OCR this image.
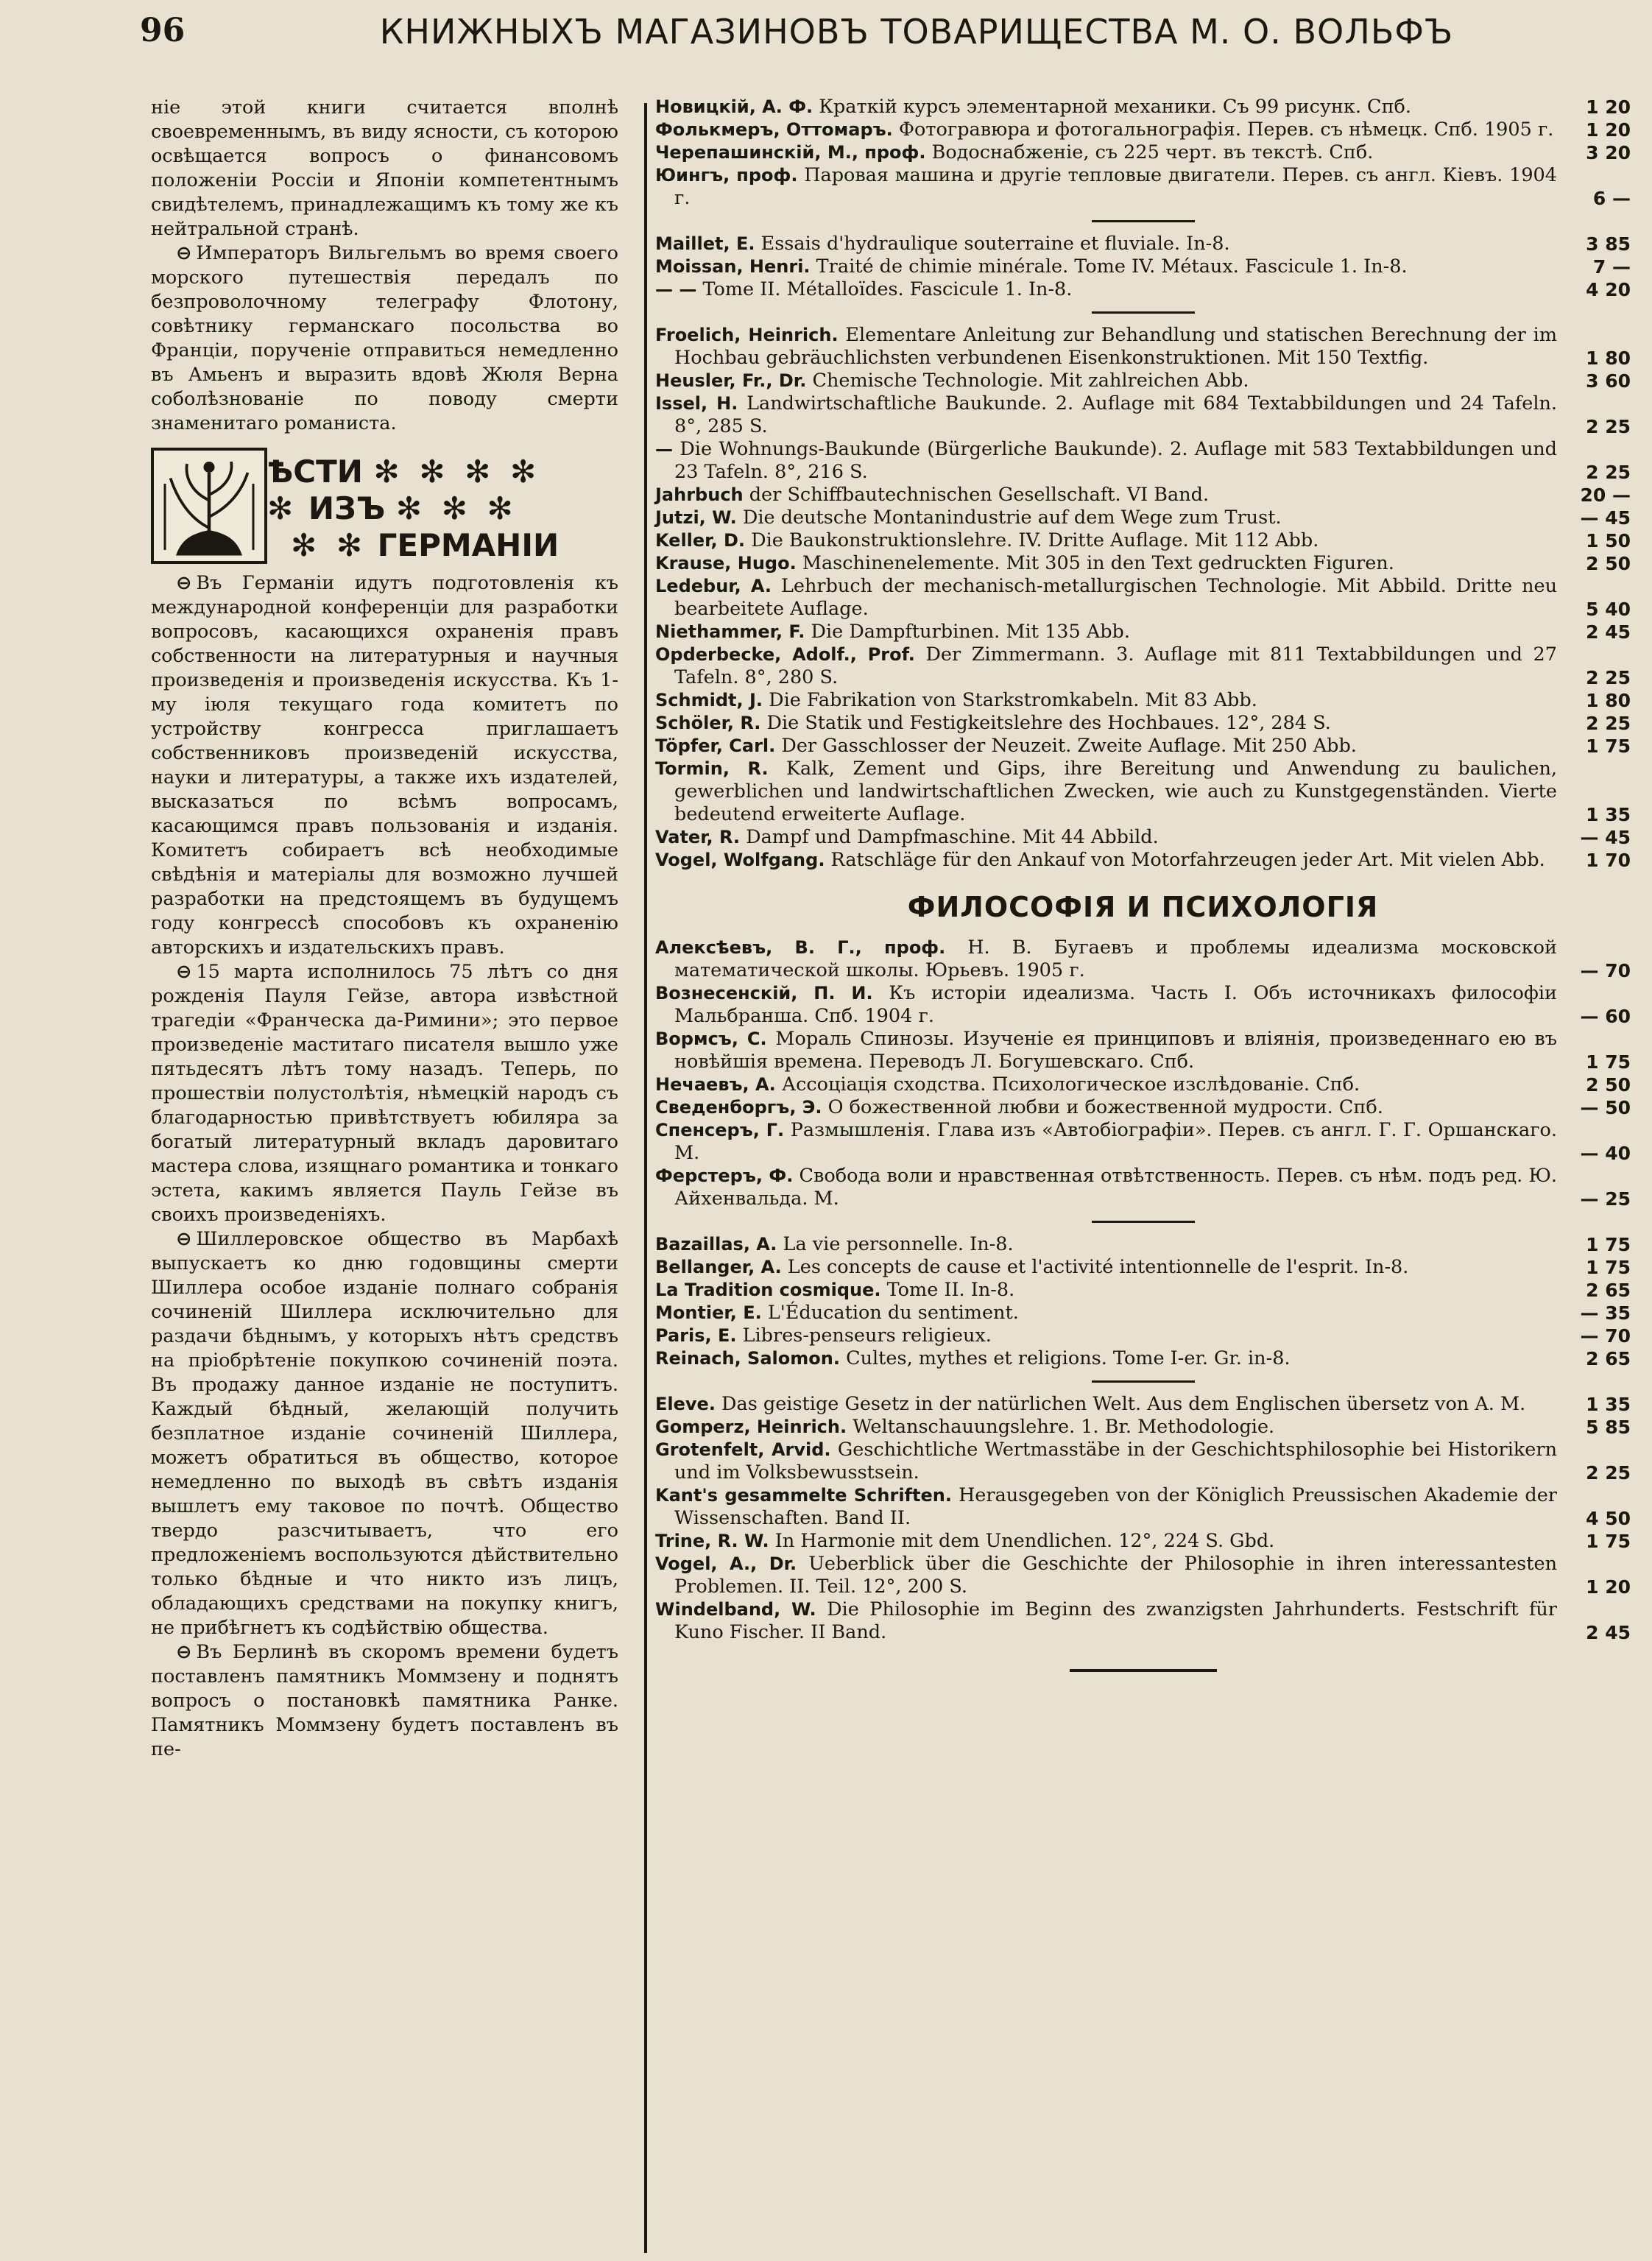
96	КНИЖНЫХЪ МАГАЗИНОВЪ ТОВАРИЩЕСТВА М. О. ВОЛЬФЪ

ніе этой книги считается вполнѣ своевременнымъ, въ виду ясности, съ которою освѣщается вопросъ о финансовомъ положеніи Россіи и Японіи компетентнымъ свидѣтелемъ, принадлежащимъ къ тому же къ нейтральной странѣ.

⊖ Императоръ Вильгельмъ во время своего морского путешествія передалъ по безпроволочному телеграфу Флотону, совѣтнику германскаго посольства во Франціи, порученіе отправиться немедленно въ Амьенъ и выразить вдовѣ Жюля Верна соболѣзнованіе по поводу смерти знаменитаго романиста.

ѢСТИ ✻ ✻ ✻ ✻
✻ ИЗЪ ✻ ✻ ✻
✻ ✻ ГЕРМАНІИ

⊖ Въ Германіи идутъ подготовленія къ международной конференціи для разработки вопросовъ, касающихся охраненія правъ собственности на литературныя и научныя произведенія и произведенія искусства. Къ 1-му іюля текущаго года комитетъ по устройству конгресса приглашаетъ собственниковъ произведеній искусства, науки и литературы, а также ихъ издателей, высказаться по всѣмъ вопросамъ, касающимся правъ пользованія и изданія. Комитетъ собираетъ всѣ необходимые свѣдѣнія и матеріалы для возможно лучшей разработки на предстоящемъ въ будущемъ году конгрессѣ способовъ къ охраненію авторскихъ и издательскихъ правъ.

⊖ 15 марта исполнилось 75 лѣтъ со дня рожденія Пауля Гейзе, автора извѣстной трагедіи «Франческа да-Римини»; это первое произведеніе маститаго писателя вышло уже пятьдесятъ лѣтъ тому назадъ. Теперь, по прошествіи полустолѣтія, нѣмецкій народъ съ благодарностью привѣтствуетъ юбиляра за богатый литературный вкладъ даровитаго мастера слова, изящнаго романтика и тонкаго эстета, какимъ является Пауль Гейзе въ своихъ произведеніяхъ.

⊖ Шиллеровское общество въ Марбахѣ выпускаетъ ко дню годовщины смерти Шиллера особое изданіе полнаго собранія сочиненій Шиллера исключительно для раздачи бѣднымъ, у которыхъ нѣтъ средствъ на пріобрѣтеніе покупкою сочиненій поэта. Въ продажу данное изданіе не поступитъ. Каждый бѣдный, желающій получить безплатное изданіе сочиненій Шиллера, можетъ обратиться въ общество, которое немедленно по выходѣ въ свѣтъ изданія вышлетъ ему таковое по почтѣ. Общество твердо разсчитываетъ, что его предложеніемъ воспользуются дѣйствительно только бѣдные и что никто изъ лицъ, обладающихъ средствами на покупку книгъ, не прибѣгнетъ къ содѣйствію общества.

⊖ Въ Берлинѣ въ скоромъ времени будетъ поставленъ памятникъ Моммзену и поднятъ вопросъ о постановкѣ памятника Ранке. Памятникъ Моммзену будетъ поставленъ въ пе-

Новицкій, А. Ф. Краткій курсъ элементарной механики. Съ 99 рисунк. Спб.	1 20

Фолькмеръ, Оттомаръ. Фотогравюра и фотогальнографія. Перев. съ нѣмецк. Спб. 1905 г. 1 20

Черепашинскій, М., проф. Водоснабженіе, съ 225 черт. въ текстѣ. Спб.	3 20

Юингъ, проф. Паровая машина и другіе тепловые двигатели. Перев. съ англ. Кіевъ. 1904 г.	6 —

Maillet, E. Essais d'hydraulique souterraine et fluviale. In-8.	3 85

Moissan, Henri. Traité de chimie minérale. Tome IV. Métaux. Fascicule 1. In-8.	7 —

— — Tome II. Métalloïdes. Fascicule 1. In-8.	4 20

Froelich, Heinrich. Elementare Anleitung zur Behandlung und statischen Berechnung der im Hochbau gebräuchlichsten verbundenen Eisenkonstruktionen. Mit 150 Textfig.	1 80

Heusler, Fr., Dr. Chemische Technologie. Mit zahlreichen Abb.	3 60

Issel, H. Landwirtschaftliche Baukunde. 2. Auflage mit 684 Textabbildungen und 24 Tafeln. 8°, 285 S.	2 25

— Die Wohnungs-Baukunde (Bürgerliche Baukunde). 2. Auflage mit 583 Textabbildungen und 23 Tafeln. 8°, 216 S.	2 25

Jahrbuch der Schiffbautechnischen Gesellschaft. VI Band.	20 —

Jutzi, W. Die deutsche Montanindustrie auf dem Wege zum Trust.	— 45

Keller, D. Die Baukonstruktionslehre. IV. Dritte Auflage. Mit 112 Abb.	1 50

Krause, Hugo. Maschinenelemente. Mit 305 in den Text gedruckten Figuren.	2 50

Ledebur, A. Lehrbuch der mechanisch-metallurgischen Technologie. Mit Abbild. Dritte neu bearbeitete Auflage.	5 40

Niethammer, F. Die Dampfturbinen. Mit 135 Abb.	2 45

Opderbecke, Adolf., Prof. Der Zimmermann. 3. Auflage mit 811 Textabbildungen und 27 Tafeln. 8°, 280 S.	2 25

Schmidt, J. Die Fabrikation von Starkstromkabeln. Mit 83 Abb.	1 80

Schöler, R. Die Statik und Festigkeitslehre des Hochbaues. 12°, 284 S.	2 25

Töpfer, Carl. Der Gasschlosser der Neuzeit. Zweite Auflage. Mit 250 Abb.	1 75

Tormin, R. Kalk, Zement und Gips, ihre Bereitung und Anwendung zu baulichen, gewerblichen und landwirtschaftlichen Zwecken, wie auch zu Kunstgegenständen. Vierte bedeutend erweiterte Auflage.	1 35

Vater, R. Dampf und Dampfmaschine. Mit 44 Abbild.	— 45

Vogel, Wolfgang. Ratschläge für den Ankauf von Motorfahrzeugen jeder Art. Mit vielen Abb. 1 70

ФИЛОСОФІЯ И ПСИХОЛОГІЯ

Алексѣевъ, В. Г., проф. Н. В. Бугаевъ и проблемы идеализма московской математической школы. Юрьевъ. 1905 г.	— 70

Вознесенскій, П. И. Къ исторіи идеализма. Часть I. Объ источникахъ философіи Мальбранша. Спб. 1904 г.	— 60

Вормсъ, С. Мораль Спинозы. Изученіе ея принциповъ и вліянія, произведеннаго ею въ новѣйшія времена. Переводъ Л. Богушевскаго. Спб.	1 75

Нечаевъ, А. Ассоціація сходства. Психологическое изслѣдованіе. Спб.	2 50

Сведенборгъ, Э. О божественной любви и божественной мудрости. Спб.	— 50

Спенсеръ, Г. Размышленія. Глава изъ «Автобіографіи». Перев. съ англ. Г. Г. Оршанскаго. М.	— 40

Ферстеръ, Ф. Свобода воли и нравственная отвѣтственность. Перев. съ нѣм. подъ ред. Ю. Айхенвальда. М.	— 25

Bazaillas, A. La vie personnelle. In-8.	1 75

Bellanger, A. Les concepts de cause et l'activité intentionnelle de l'esprit. In-8.	1 75

La Tradition cosmique. Tome II. In-8.	2 65

Montier, E. L'Éducation du sentiment.	— 35

Paris, E. Libres-penseurs religieux.	— 70

Reinach, Salomon. Cultes, mythes et religions. Tome I-er. Gr. in-8.	2 65

Eleve. Das geistige Gesetz in der natürlichen Welt. Aus dem Englischen übersetz von A. M.	1 35

Gomperz, Heinrich. Weltanschauungslehre. 1. Br. Methodologie.	5 85

Grotenfelt, Arvid. Geschichtliche Wertmasstäbe in der Geschichtsphilosophie bei Historikern und im Volksbewusstsein.	2 25

Kant's gesammelte Schriften. Herausgegeben von der Königlich Preussischen Akademie der Wissenschaften. Band II.	4 50

Trine, R. W. In Harmonie mit dem Unendlichen. 12°, 224 S. Gbd.	1 75

Vogel, A., Dr. Ueberblick über die Geschichte der Philosophie in ihren interessantesten Problemen. II. Teil. 12°, 200 S.	1 20

Windelband, W. Die Philosophie im Beginn des zwanzigsten Jahrhunderts. Festschrift für Kuno Fischer. II Band.	2 45
